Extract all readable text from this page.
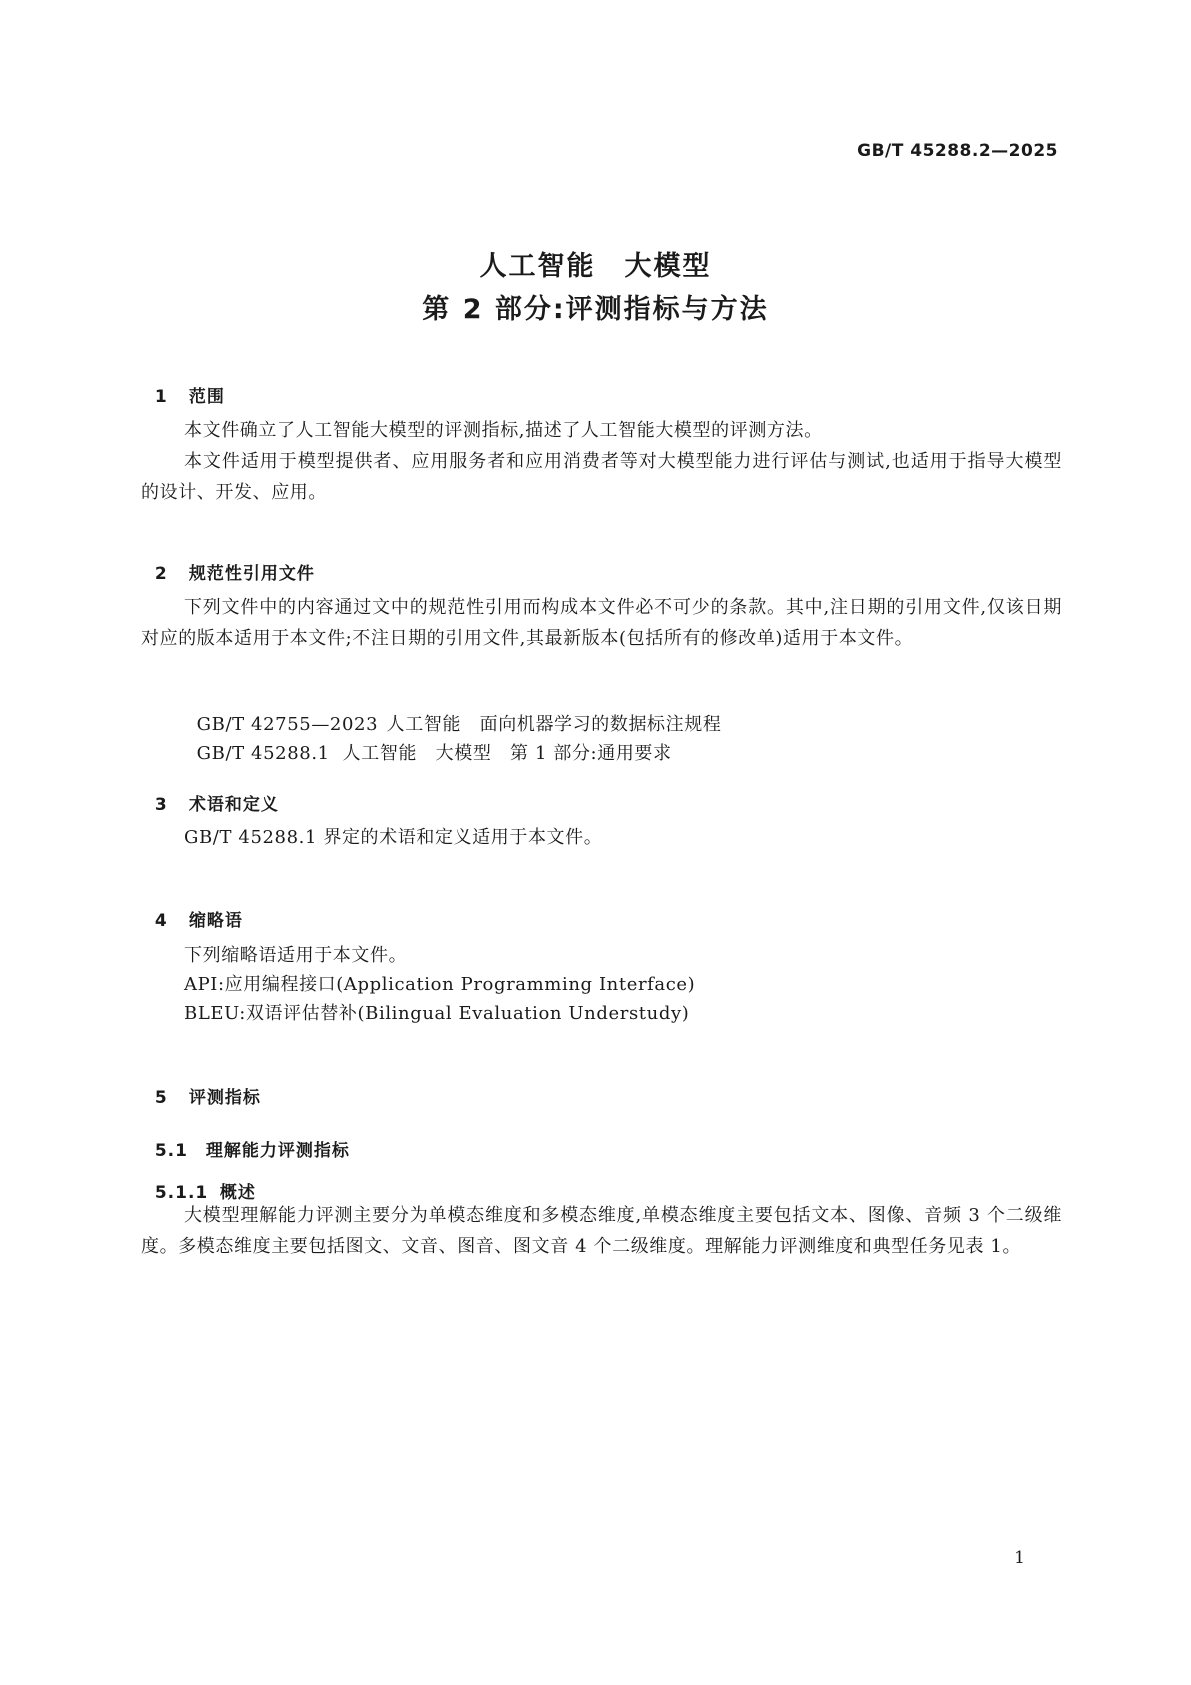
GB/T 45288.2—2025
人工智能　大模型
第 2 部分:评测指标与方法

1 范围

本文件确立了人工智能大模型的评测指标,描述了人工智能大模型的评测方法。

本文件适用于模型提供者、应用服务者和应用消费者等对大模型能力进行评估与测试,也适用于指导大模型的设计、开发、应用。

2 规范性引用文件

下列文件中的内容通过文中的规范性引用而构成本文件必不可少的条款。其中,注日期的引用文件,仅该日期对应的版本适用于本文件;不注日期的引用文件,其最新版本(包括所有的修改单)适用于本文件。

GB/T 42755—2023 人工智能　面向机器学习的数据标注规程

GB/T 45288.1 人工智能　大模型　第 1 部分:通用要求

3 术语和定义

GB/T 45288.1 界定的术语和定义适用于本文件。

4 缩略语

下列缩略语适用于本文件。
API:应用编程接口(Application Programming Interface)
BLEU:双语评估替补(Bilingual Evaluation Understudy)

5 评测指标

5.1 理解能力评测指标

5.1.1 概述

大模型理解能力评测主要分为单模态维度和多模态维度,单模态维度主要包括文本、图像、音频 3 个二级维度。多模态维度主要包括图文、文音、图音、图文音 4 个二级维度。理解能力评测维度和典型任务见表 1。

1
